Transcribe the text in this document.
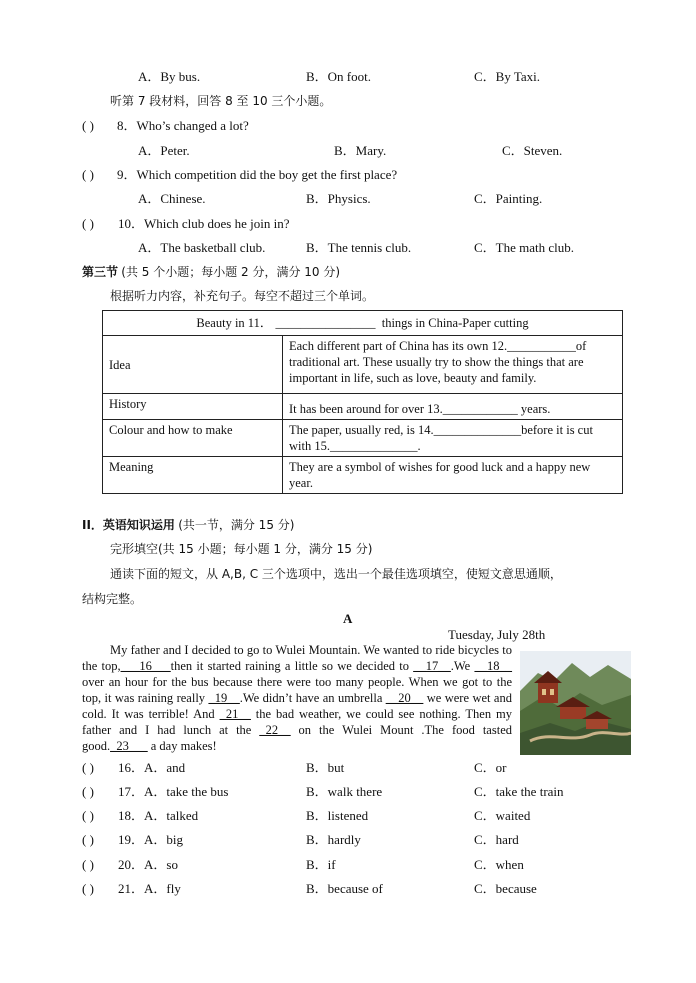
A．By bus.	B．On foot.	C．By Taxi.
听第 7 段材料，回答 8 至 10 三个小题。
( ) 8．Who’s changed a lot?
A．Peter.	B．Mary.	C．Steven.
( ) 9．Which competition did the boy get the first place?
A．Chinese.	B．Physics.	C．Painting.
( ) 10．Which club does he join in?
A．The basketball club.	B．The tennis club.	C．The math club.
第三节 (共 5 个小题；每小题 2 分，满分 10 分)
根据听力内容，补充句子。每空不超过三个单词。
Beauty in 11． ________________ things in China-Paper cutting	
Idea	Each different part of China has its own 12.___________of traditional art. These usually try to show the things that are important in life, such as love, beauty and family.
History	It has been around for over 13.____________ years.
Colour and how to make	The paper, usually red, is 14.______________before it is cut with 15.______________.
Meaning	They are a symbol of wishes for good luck and a happy new year.
II．英语知识运用 (共一节，满分 15 分)
完形填空(共 15 小题；每小题 1 分，满分 15 分)
通读下面的短文，从 A,B, C 三个选项中，选出一个最佳选项填空，使短文意思通顺，
结构完整。
A
Tuesday, July 28th
My father and I decided to go to Wulei Mountain. We wanted to ride bicycles to the top,___16___then it started raining a little so we decided to __17__.We __18__ over an hour for the bus because there were too many people. When we got to the top, it was raining really _19__.We didn’t have an umbrella __20__ we were wet and cold. It was terrible! And _21__ the bad weather, we could see nothing. Then my father and I had lunch at the _22__ on the Wulei Mount .The food tasted good._23___ a day makes!
( ) 16．A．and	B．but	C．or
( ) 17．A．take the bus	B．walk there	C．take the train
( ) 18．A．talked	B．listened	C．waited
( ) 19．A．big	B．hardly	C．hard
( ) 20．A．so	B．if	C．when
( ) 21．A．fly	B．because of	C．because
